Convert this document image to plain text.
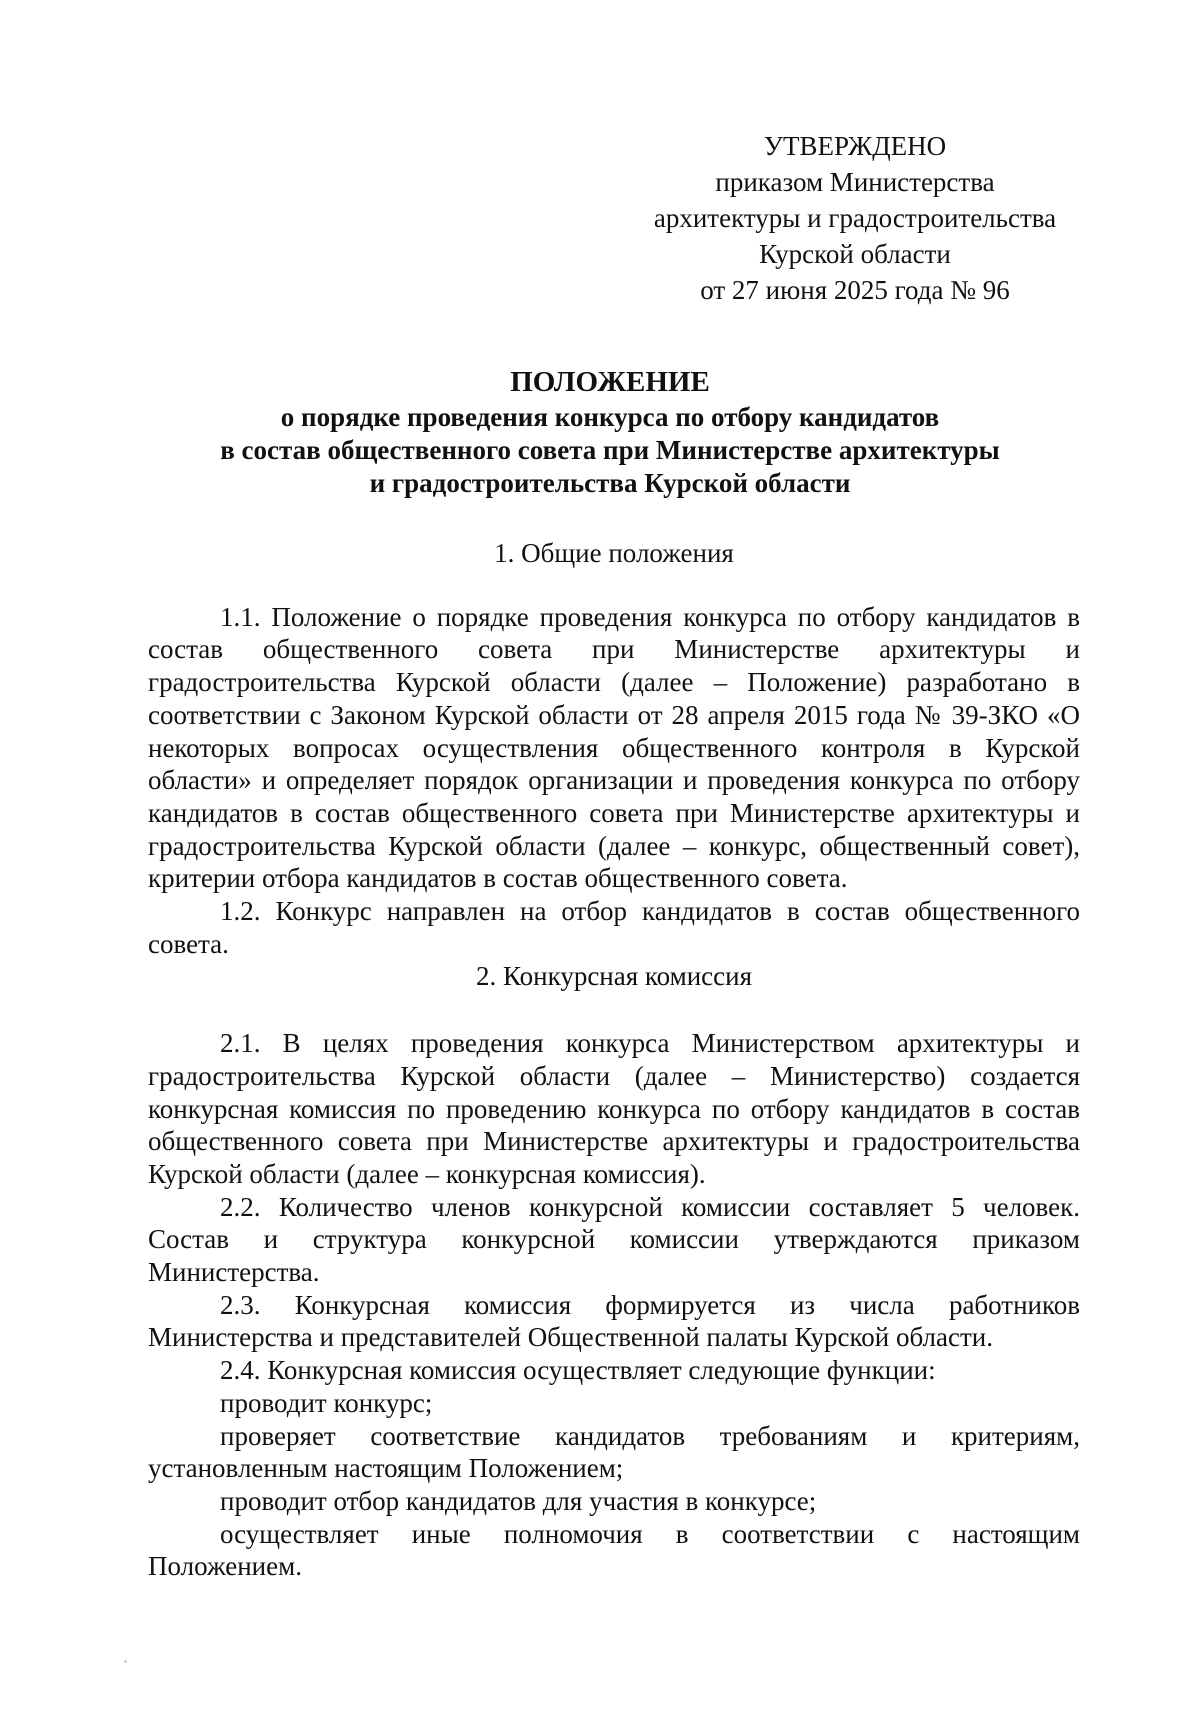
УТВЕРЖДЕНО
приказом Министерства
архитектуры и градостроительства
Курской области
от 27 июня 2025 года № 96
ПОЛОЖЕНИЕ
о порядке проведения конкурса по отбору кандидатов
в состав общественного совета при Министерстве архитектуры
и градостроительства Курской области

1. Общие положения

1.1. Положение о порядке проведения конкурса по отбору кандидатов в состав общественного совета при Министерстве архитектуры и градостроительства Курской области (далее – Положение) разработано в соответствии с Законом Курской области от 28 апреля 2015 года № 39-ЗКО «О некоторых вопросах осуществления общественного контроля в Курской области» и определяет порядок организации и проведения конкурса по отбору кандидатов в состав общественного совета при Министерстве архитектуры и градостроительства Курской области (далее – конкурс, общественный совет), критерии отбора кандидатов в состав общественного совета.

1.2. Конкурс направлен на отбор кандидатов в состав общественного совета.

2. Конкурсная комиссия

2.1. В целях проведения конкурса Министерством архитектуры и градостроительства Курской области (далее – Министерство) создается конкурсная комиссия по проведению конкурса по отбору кандидатов в состав общественного совета при Министерстве архитектуры и градостроительства Курской области (далее – конкурсная комиссия).

2.2. Количество членов конкурсной комиссии составляет 5 человек. Состав и структура конкурсной комиссии утверждаются приказом Министерства.

2.3. Конкурсная комиссия формируется из числа работников Министерства и представителей Общественной палаты Курской области.

2.4. Конкурсная комиссия осуществляет следующие функции:

проводит конкурс;

проверяет соответствие кандидатов требованиям и критериям, установленным настоящим Положением;

проводит отбор кандидатов для участия в конкурсе;

осуществляет иные полномочия в соответствии с настоящим Положением.
